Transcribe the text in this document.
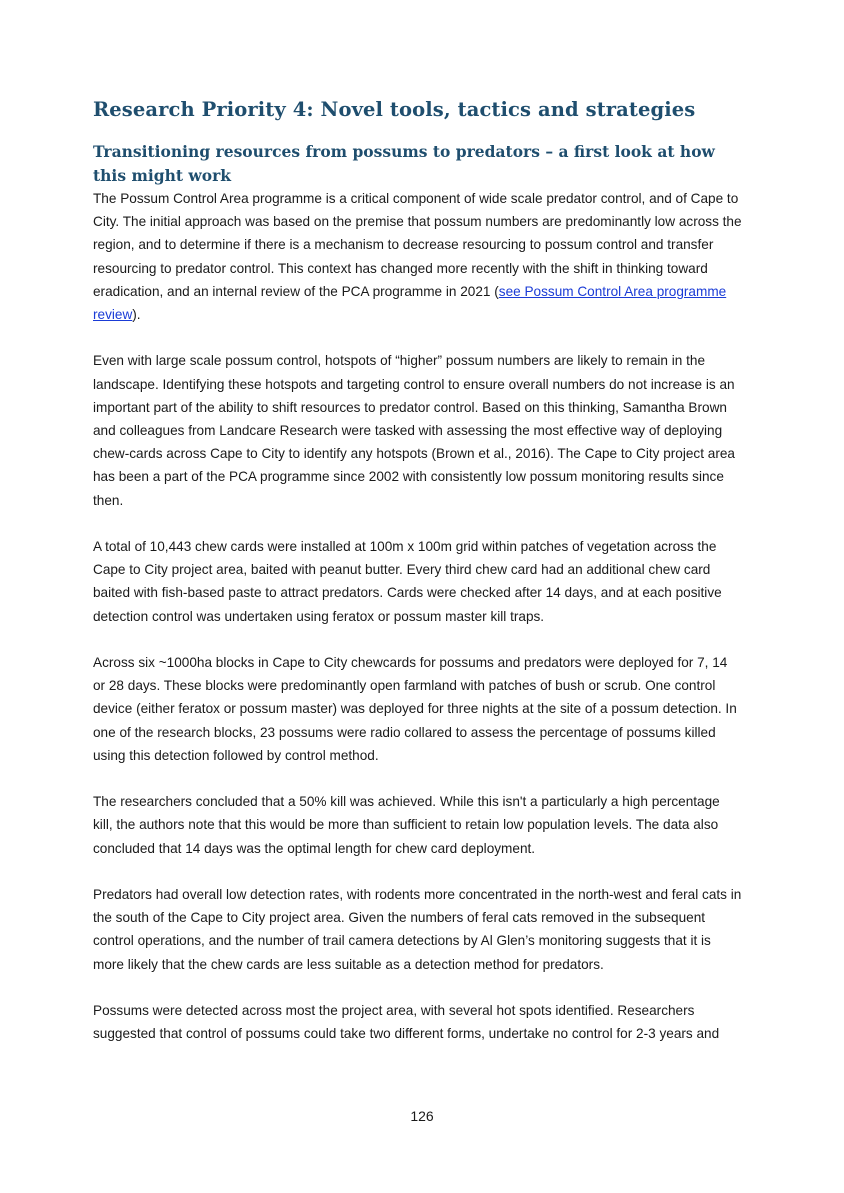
Research Priority 4: Novel tools, tactics and strategies
Transitioning resources from possums to predators – a first look at how this might work

The Possum Control Area programme is a critical component of wide scale predator control, and of Cape to City. The initial approach was based on the premise that possum numbers are predominantly low across the region, and to determine if there is a mechanism to decrease resourcing to possum control and transfer resourcing to predator control. This context has changed more recently with the shift in thinking toward eradication, and an internal review of the PCA programme in 2021 (see Possum Control Area programme review).

Even with large scale possum control, hotspots of “higher” possum numbers are likely to remain in the landscape. Identifying these hotspots and targeting control to ensure overall numbers do not increase is an important part of the ability to shift resources to predator control. Based on this thinking, Samantha Brown and colleagues from Landcare Research were tasked with assessing the most effective way of deploying chew-cards across Cape to City to identify any hotspots (Brown et al., 2016). The Cape to City project area has been a part of the PCA programme since 2002 with consistently low possum monitoring results since then.

A total of 10,443 chew cards were installed at 100m x 100m grid within patches of vegetation across the Cape to City project area, baited with peanut butter. Every third chew card had an additional chew card baited with fish-based paste to attract predators. Cards were checked after 14 days, and at each positive detection control was undertaken using feratox or possum master kill traps.

Across six ~1000ha blocks in Cape to City chewcards for possums and predators were deployed for 7, 14 or 28 days. These blocks were predominantly open farmland with patches of bush or scrub. One control device (either feratox or possum master) was deployed for three nights at the site of a possum detection. In one of the research blocks, 23 possums were radio collared to assess the percentage of possums killed using this detection followed by control method.

The researchers concluded that a 50% kill was achieved. While this isn't a particularly a high percentage kill, the authors note that this would be more than sufficient to retain low population levels. The data also concluded that 14 days was the optimal length for chew card deployment.

Predators had overall low detection rates, with rodents more concentrated in the north-west and feral cats in the south of the Cape to City project area. Given the numbers of feral cats removed in the subsequent control operations, and the number of trail camera detections by Al Glen’s monitoring suggests that it is more likely that the chew cards are less suitable as a detection method for predators.

Possums were detected across most the project area, with several hot spots identified. Researchers suggested that control of possums could take two different forms, undertake no control for 2-3 years and

126
